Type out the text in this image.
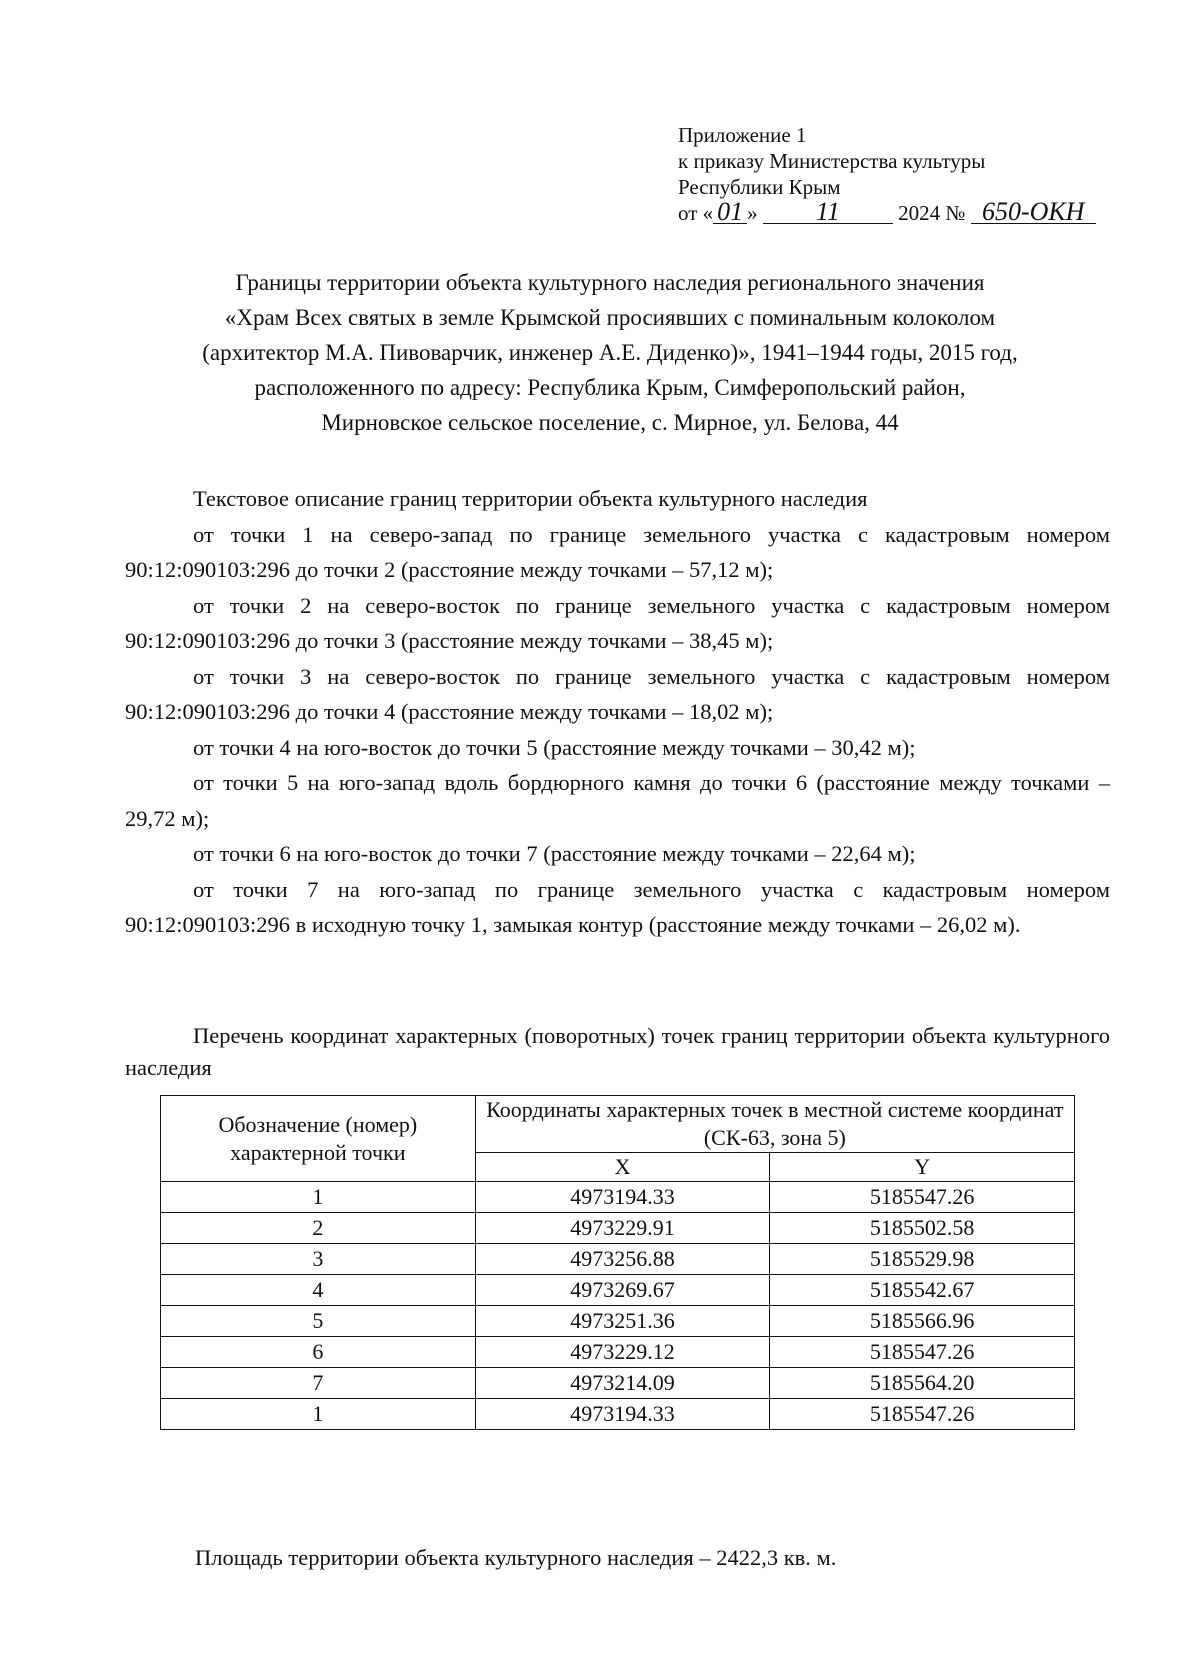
Приложение 1
к приказу Министерства культуры
Республики Крым
от « 01 » 11	2024 № 650-ОКН
Границы территории объекта культурного наследия регионального значения
«Храм Всех святых в земле Крымской просиявших с поминальным колоколом
(архитектор М.А. Пивоварчик, инженер А.Е. Диденко)», 1941–1944 годы, 2015 год,
расположенного по адресу: Республика Крым, Симферопольский район,
Мирновское сельское поселение, с. Мирное, ул. Белова, 44

Текстовое описание границ территории объекта культурного наследия

от точки 1 на северо-запад по границе земельного участка с кадастровым номером 90:12:090103:296 до точки 2 (расстояние между точками – 57,12 м);

от точки 2 на северо-восток по границе земельного участка с кадастровым номером 90:12:090103:296 до точки 3 (расстояние между точками – 38,45 м);

от точки 3 на северо-восток по границе земельного участка с кадастровым номером 90:12:090103:296 до точки 4 (расстояние между точками – 18,02 м);

от точки 4 на юго-восток до точки 5 (расстояние между точками – 30,42 м);

от точки 5 на юго-запад вдоль бордюрного камня до точки 6 (расстояние между точками – 29,72 м);

от точки 6 на юго-восток до точки 7 (расстояние между точками – 22,64 м);

от точки 7 на юго-запад по границе земельного участка с кадастровым номером 90:12:090103:296 в исходную точку 1, замыкая контур (расстояние между точками – 26,02 м).

Перечень координат характерных (поворотных) точек границ территории объекта культурного наследия

Обозначение (номер) характерной точки	Координаты характерных точек в местной системе координат (СК-63, зона 5)	
	X	Y
1	4973194.33	5185547.26
2	4973229.91	5185502.58
3	4973256.88	5185529.98
4	4973269.67	5185542.67
5	4973251.36	5185566.96
6	4973229.12	5185547.26
7	4973214.09	5185564.20
1	4973194.33	5185547.26
Площадь территории объекта культурного наследия – 2422,3 кв. м.
